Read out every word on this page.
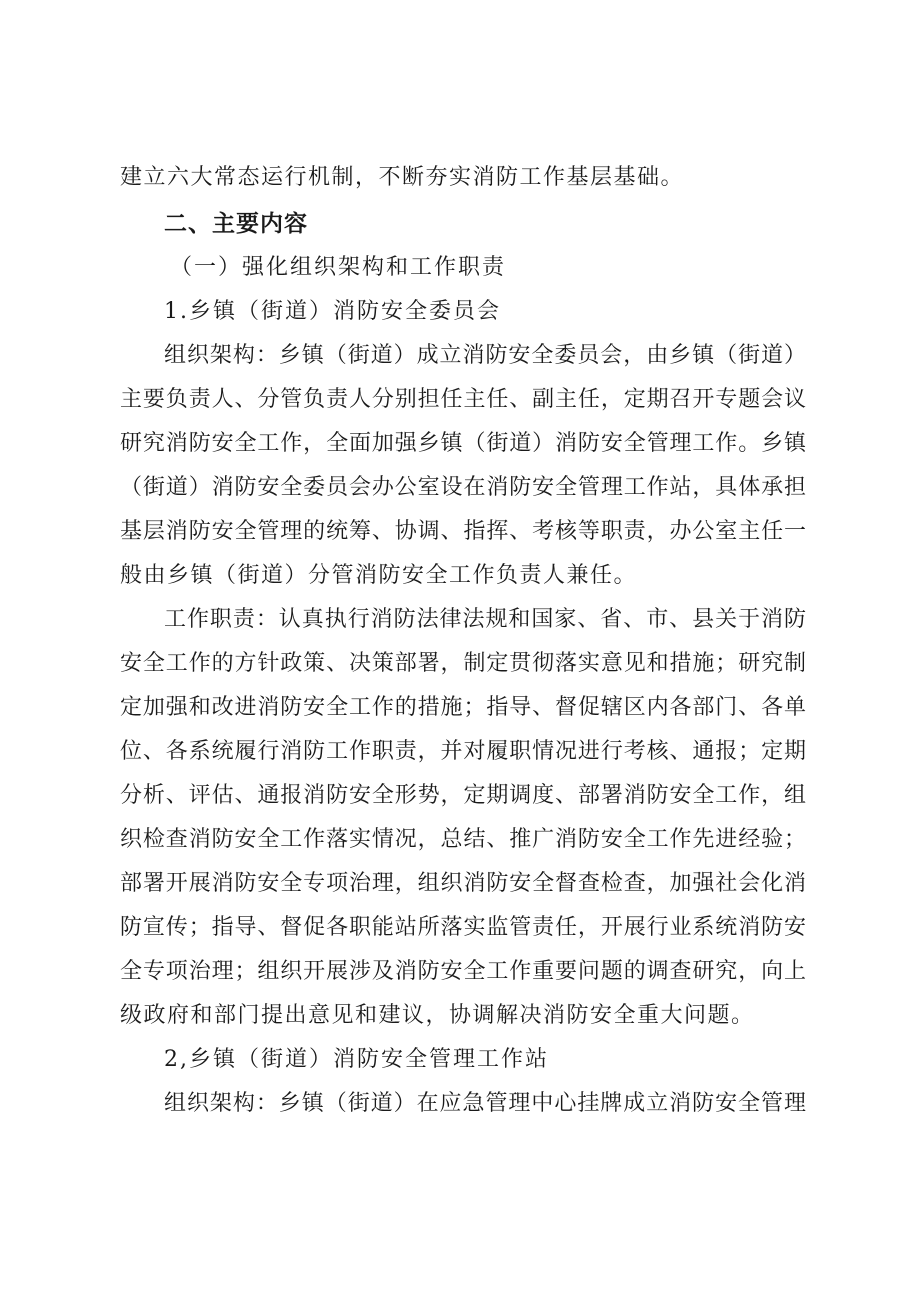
建立六大常态运行机制，不断夯实消防工作基层基础。
二、主要内容
（一）强化组织架构和工作职责
1.乡镇（街道）消防安全委员会
组织架构：乡镇（街道）成立消防安全委员会，由乡镇（街道）
主要负责人、分管负责人分别担任主任、副主任，定期召开专题会议
研究消防安全工作，全面加强乡镇（街道）消防安全管理工作。乡镇
（街道）消防安全委员会办公室设在消防安全管理工作站，具体承担
基层消防安全管理的统筹、协调、指挥、考核等职责，办公室主任一
般由乡镇（街道）分管消防安全工作负责人兼任。
工作职责：认真执行消防法律法规和国家、省、市、县关于消防
安全工作的方针政策、决策部署，制定贯彻落实意见和措施；研究制
定加强和改进消防安全工作的措施；指导、督促辖区内各部门、各单
位、各系统履行消防工作职责，并对履职情况进行考核、通报；定期
分析、评估、通报消防安全形势，定期调度、部署消防安全工作，组
织检查消防安全工作落实情况，总结、推广消防安全工作先进经验；
部署开展消防安全专项治理，组织消防安全督查检查，加强社会化消
防宣传；指导、督促各职能站所落实监管责任，开展行业系统消防安
全专项治理；组织开展涉及消防安全工作重要问题的调查研究，向上
级政府和部门提出意见和建议，协调解决消防安全重大问题。
2,乡镇（街道）消防安全管理工作站
组织架构：乡镇（街道）在应急管理中心挂牌成立消防安全管理
